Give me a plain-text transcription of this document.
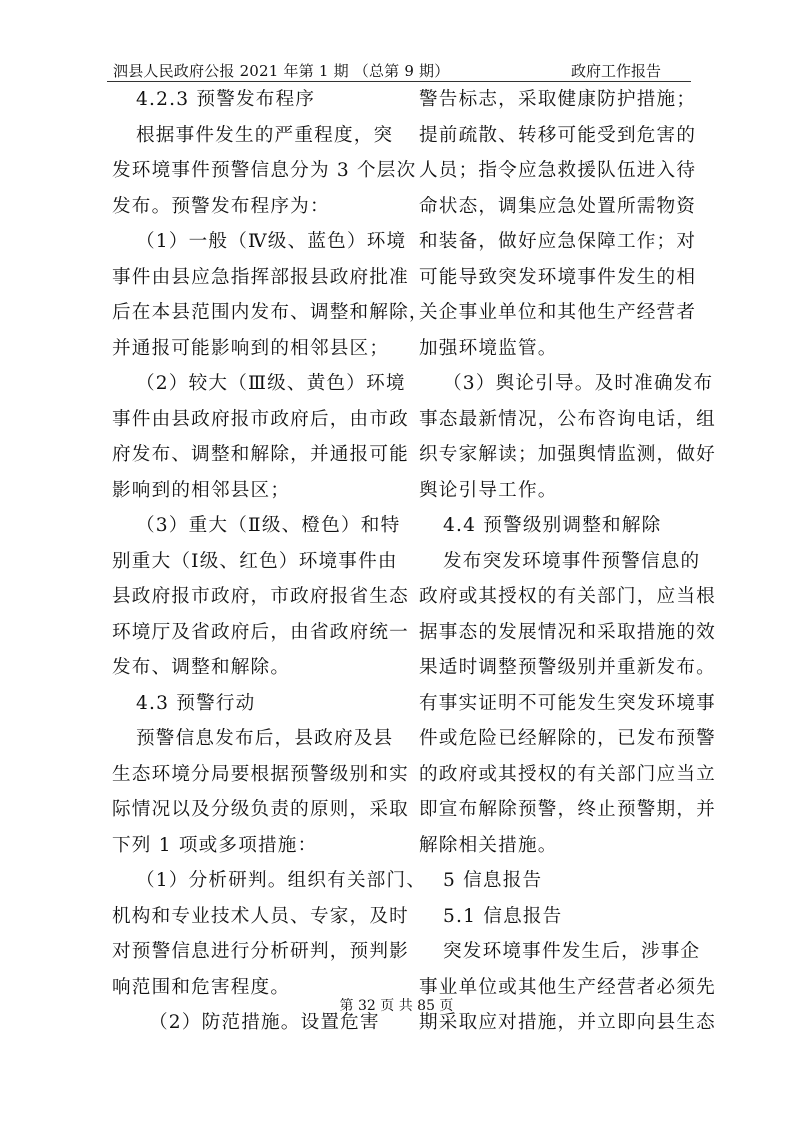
泗县人民政府公报 2021 年第 1 期 （总第 9 期）	政府工作报告
4.2.3 预警发布程序
根据事件发生的严重程度，突
发环境事件预警信息分为 3 个层次
发布。预警发布程序为：
（1）一般（Ⅳ级、蓝色）环境
事件由县应急指挥部报县政府批准
后在本县范围内发布、调整和解除，
并通报可能影响到的相邻县区；
（2）较大（Ⅲ级、黄色）环境
事件由县政府报市政府后，由市政
府发布、调整和解除，并通报可能
影响到的相邻县区；
（3）重大（Ⅱ级、橙色）和特
别重大（Ⅰ级、红色）环境事件由
县政府报市政府，市政府报省生态
环境厅及省政府后，由省政府统一
发布、调整和解除。
4.3 预警行动
预警信息发布后，县政府及县
生态环境分局要根据预警级别和实
际情况以及分级负责的原则，采取
下列 1 项或多项措施：
（1）分析研判。组织有关部门、
机构和专业技术人员、专家，及时
对预警信息进行分析研判，预判影
响范围和危害程度。
（2）防范措施。设置危害
警告标志，采取健康防护措施；
提前疏散、转移可能受到危害的
人员；指令应急救援队伍进入待
命状态，调集应急处置所需物资
和装备，做好应急保障工作；对
可能导致突发环境事件发生的相
关企事业单位和其他生产经营者
加强环境监管。
（3）舆论引导。及时准确发布
事态最新情况，公布咨询电话，组
织专家解读；加强舆情监测，做好
舆论引导工作。
4.4 预警级别调整和解除
发布突发环境事件预警信息的
政府或其授权的有关部门，应当根
据事态的发展情况和采取措施的效
果适时调整预警级别并重新发布。
有事实证明不可能发生突发环境事
件或危险已经解除的，已发布预警
的政府或其授权的有关部门应当立
即宣布解除预警，终止预警期，并
解除相关措施。
5 信息报告
5.1 信息报告
突发环境事件发生后，涉事企
事业单位或其他生产经营者必须先
期采取应对措施，并立即向县生态
第 32 页 共 85 页
